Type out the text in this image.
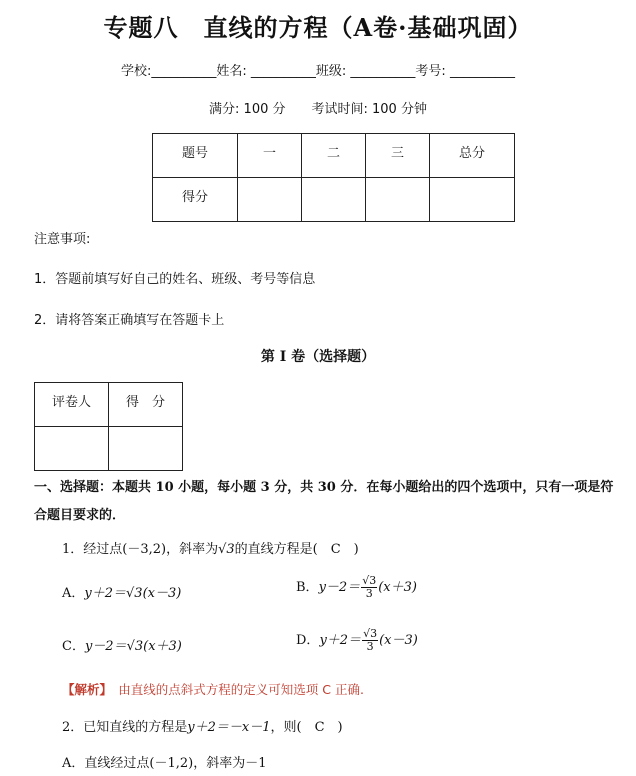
专题八　直线的方程（A卷·基础巩固）
学校:__________姓名: __________班级: __________考号: __________
满分: 100 分　　考试时间: 100 分钟
题号	一	二	三	总分
得分				
注意事项:
1．答题前填写好自己的姓名、班级、考号等信息
2．请将答案正确填写在答题卡上
第 I 卷（选择题）
评卷人	得　分

一、选择题：本题共 10 小题，每小题 3 分，共 30 分．在每小题给出的四个选项中，只有一项是符合题目要求的．
1．经过点(－3,2)，斜率为√3的直线方程是(　C　)
A．y＋2＝√3(x－3)	B．$y-2= \frac{√3}{3} (x+3)$
C．y－2＝√3(x＋3)	D．$y+2= \frac{√3}{3} (x-3)$
【解析】　由直线的点斜式方程的定义可知选项 C 正确.
2．已知直线的方程是y＋2＝－x－1，则(　C　)
A．直线经过点(－1,2)，斜率为－1
